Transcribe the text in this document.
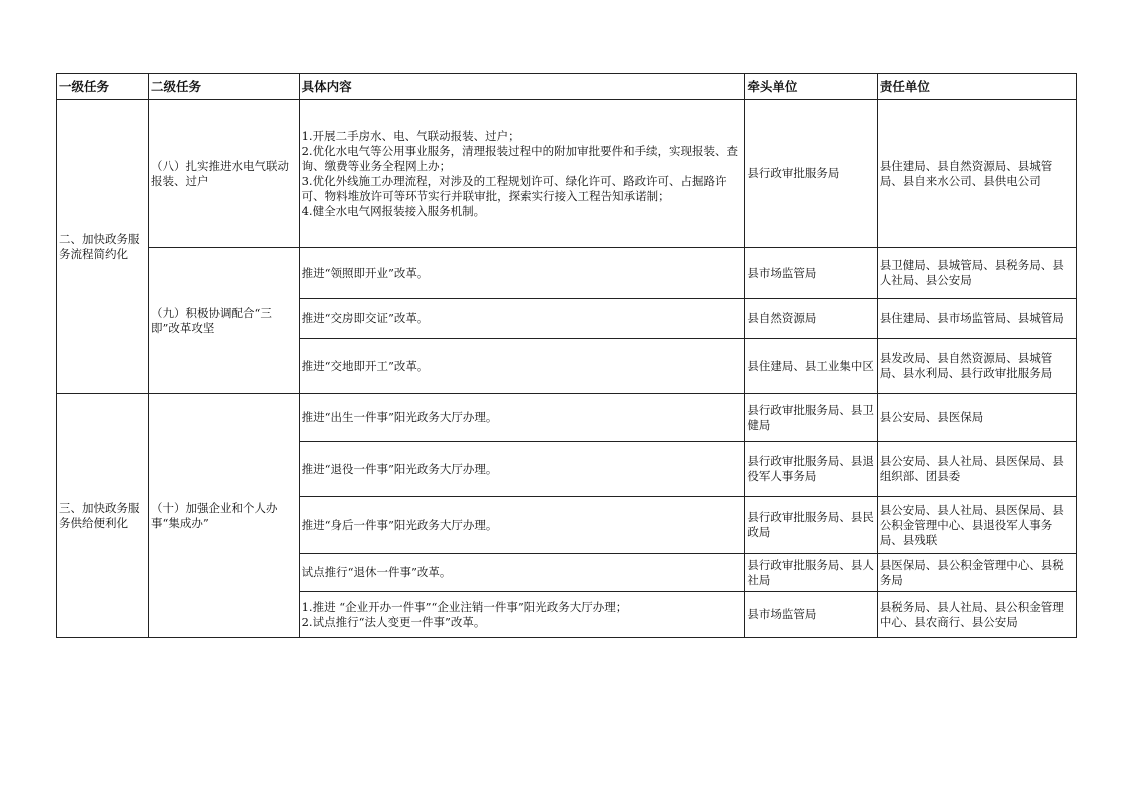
一级任务	二级任务	具体内容	牵头单位	责任单位
二、加快政务服务流程简约化	（八）扎实推进水电气联动报装、过户	1.开展二手房水、电、气联动报装、过户；
2.优化水电气等公用事业服务，清理报装过程中的附加审批要件和手续，实现报装、查询、缴费等业务全程网上办；
3.优化外线施工办理流程，对涉及的工程规划许可、绿化许可、路政许可、占掘路许可、物料堆放许可等环节实行并联审批，探索实行接入工程告知承诺制；
4.健全水电气网报装接入服务机制。	县行政审批服务局	县住建局、县自然资源局、县城管局、县自来水公司、县供电公司
	（九）积极协调配合“三即”改革攻坚	推进“领照即开业”改革。	县市场监管局	县卫健局、县城管局、县税务局、县人社局、县公安局
		推进“交房即交证”改革。	县自然资源局	县住建局、县市场监管局、县城管局
		推进“交地即开工”改革。	县住建局、县工业集中区	县发改局、县自然资源局、县城管局、县水利局、县行政审批服务局
三、加快政务服务供给便利化	（十）加强企业和个人办事“集成办”	推进“出生一件事”阳光政务大厅办理。	县行政审批服务局、县卫健局	县公安局、县医保局
		推进“退役一件事”阳光政务大厅办理。	县行政审批服务局、县退役军人事务局	县公安局、县人社局、县医保局、县组织部、团县委
		推进“身后一件事”阳光政务大厅办理。	县行政审批服务局、县民政局	县公安局、县人社局、县医保局、县公积金管理中心、县退役军人事务局、县残联
		试点推行“退休一件事”改革。	县行政审批服务局、县人社局	县医保局、县公积金管理中心、县税务局
		1.推进 “企业开办一件事”“企业注销一件事”阳光政务大厅办理；
2.试点推行“法人变更一件事”改革。	县市场监管局	县税务局、县人社局、县公积金管理中心、县农商行、县公安局
